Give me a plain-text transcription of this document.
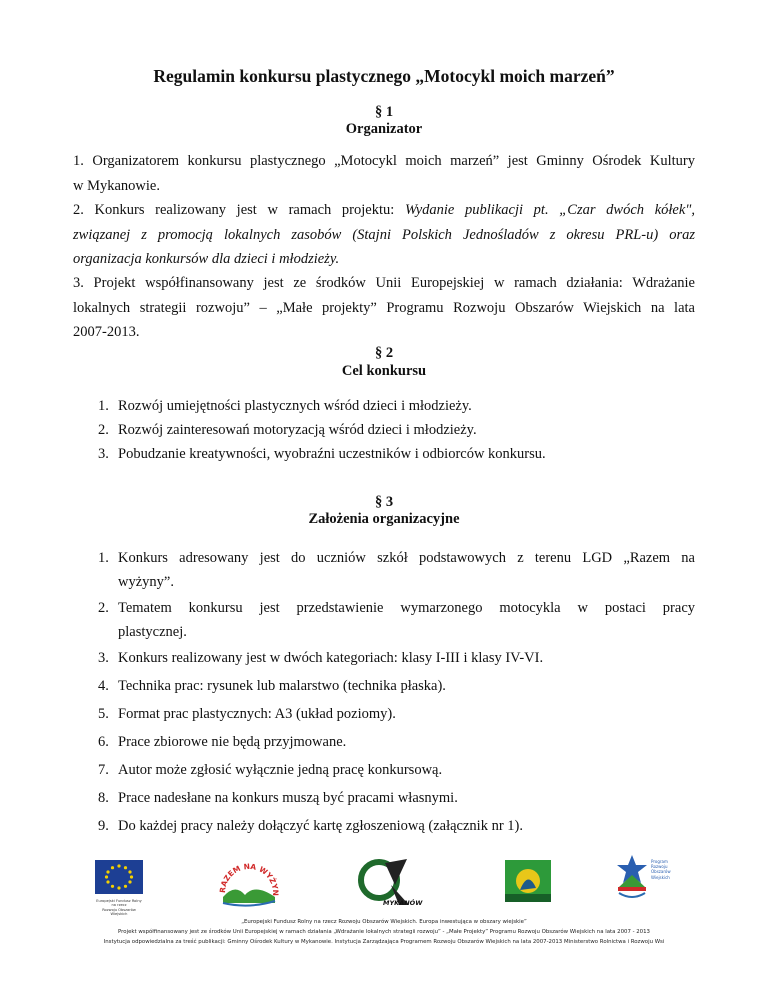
Regulamin konkursu plastycznego „Motocykl moich marzeń”
§ 1
Organizator
1. Organizatorem konkursu plastycznego „Motocykl moich marzeń” jest Gminny Ośrodek Kultury
w Mykanowie.
2. Konkurs realizowany jest w ramach projektu: Wydanie publikacji pt. „Czar dwóch kółek",
związanej z promocją lokalnych zasobów (Stajni Polskich Jednośladów z okresu PRL-u) oraz
organizacja konkursów dla dzieci i młodzieży.
3. Projekt współfinansowany jest ze środków Unii Europejskiej w ramach działania: Wdrażanie
lokalnych strategii rozwoju” – „Małe projekty” Programu Rozwoju Obszarów Wiejskich na lata
2007-2013.
§ 2
Cel konkursu
1. Rozwój umiejętności plastycznych wśród dzieci i młodzieży.
2. Rozwój zainteresowań motoryzacją wśród dzieci i młodzieży.
3. Pobudzanie kreatywności, wyobraźni uczestników i odbiorców konkursu.
§ 3
Założenia organizacyjne
1. Konkurs adresowany jest do uczniów szkół podstawowych z terenu LGD „Razem na
wyżyny”.
2. Tematem konkursu jest przedstawienie wymarzonego motocykla w postaci pracy
plastycznej.
3. Konkurs realizowany jest w dwóch kategoriach: klasy I-III i klasy IV-VI.
4. Technika prac: rysunek lub malarstwo (technika płaska).
5. Format prac plastycznych: A3 (układ poziomy).
6. Prace zbiorowe nie będą przyjmowane.
7. Autor może zgłosić wyłącznie jedną pracę konkursową.
8. Prace nadesłane na konkurs muszą być pracami własnymi.
9. Do każdej pracy należy dołączyć kartę zgłoszeniową (załącznik nr 1).
Europejski Fundusz Rolny na rzecz
Rozwoju Obszarów Wiejskich
RAZEM NA WYŻYN
MYKANÓW
Program
Rozwoju
Obszarów
Wiejskich
„Europejski Fundusz Rolny na rzecz Rozwoju Obszarów Wiejskich. Europa inwestująca w obszary wiejskie”
Projekt współfinansowany jest ze środków Unii Europejskiej w ramach działania „Wdrażanie lokalnych strategii rozwoju” - „Małe Projekty” Programu Rozwoju Obszarów Wiejskich na lata 2007 - 2013
Instytucja odpowiedzialna za treść publikacji: Gminny Ośrodek Kultury w Mykanowie. Instytucja Zarządzająca Programem Rozwoju Obszarów Wiejskich na lata 2007-2013 Ministerstwo Rolnictwa i Rozwoju Wsi
